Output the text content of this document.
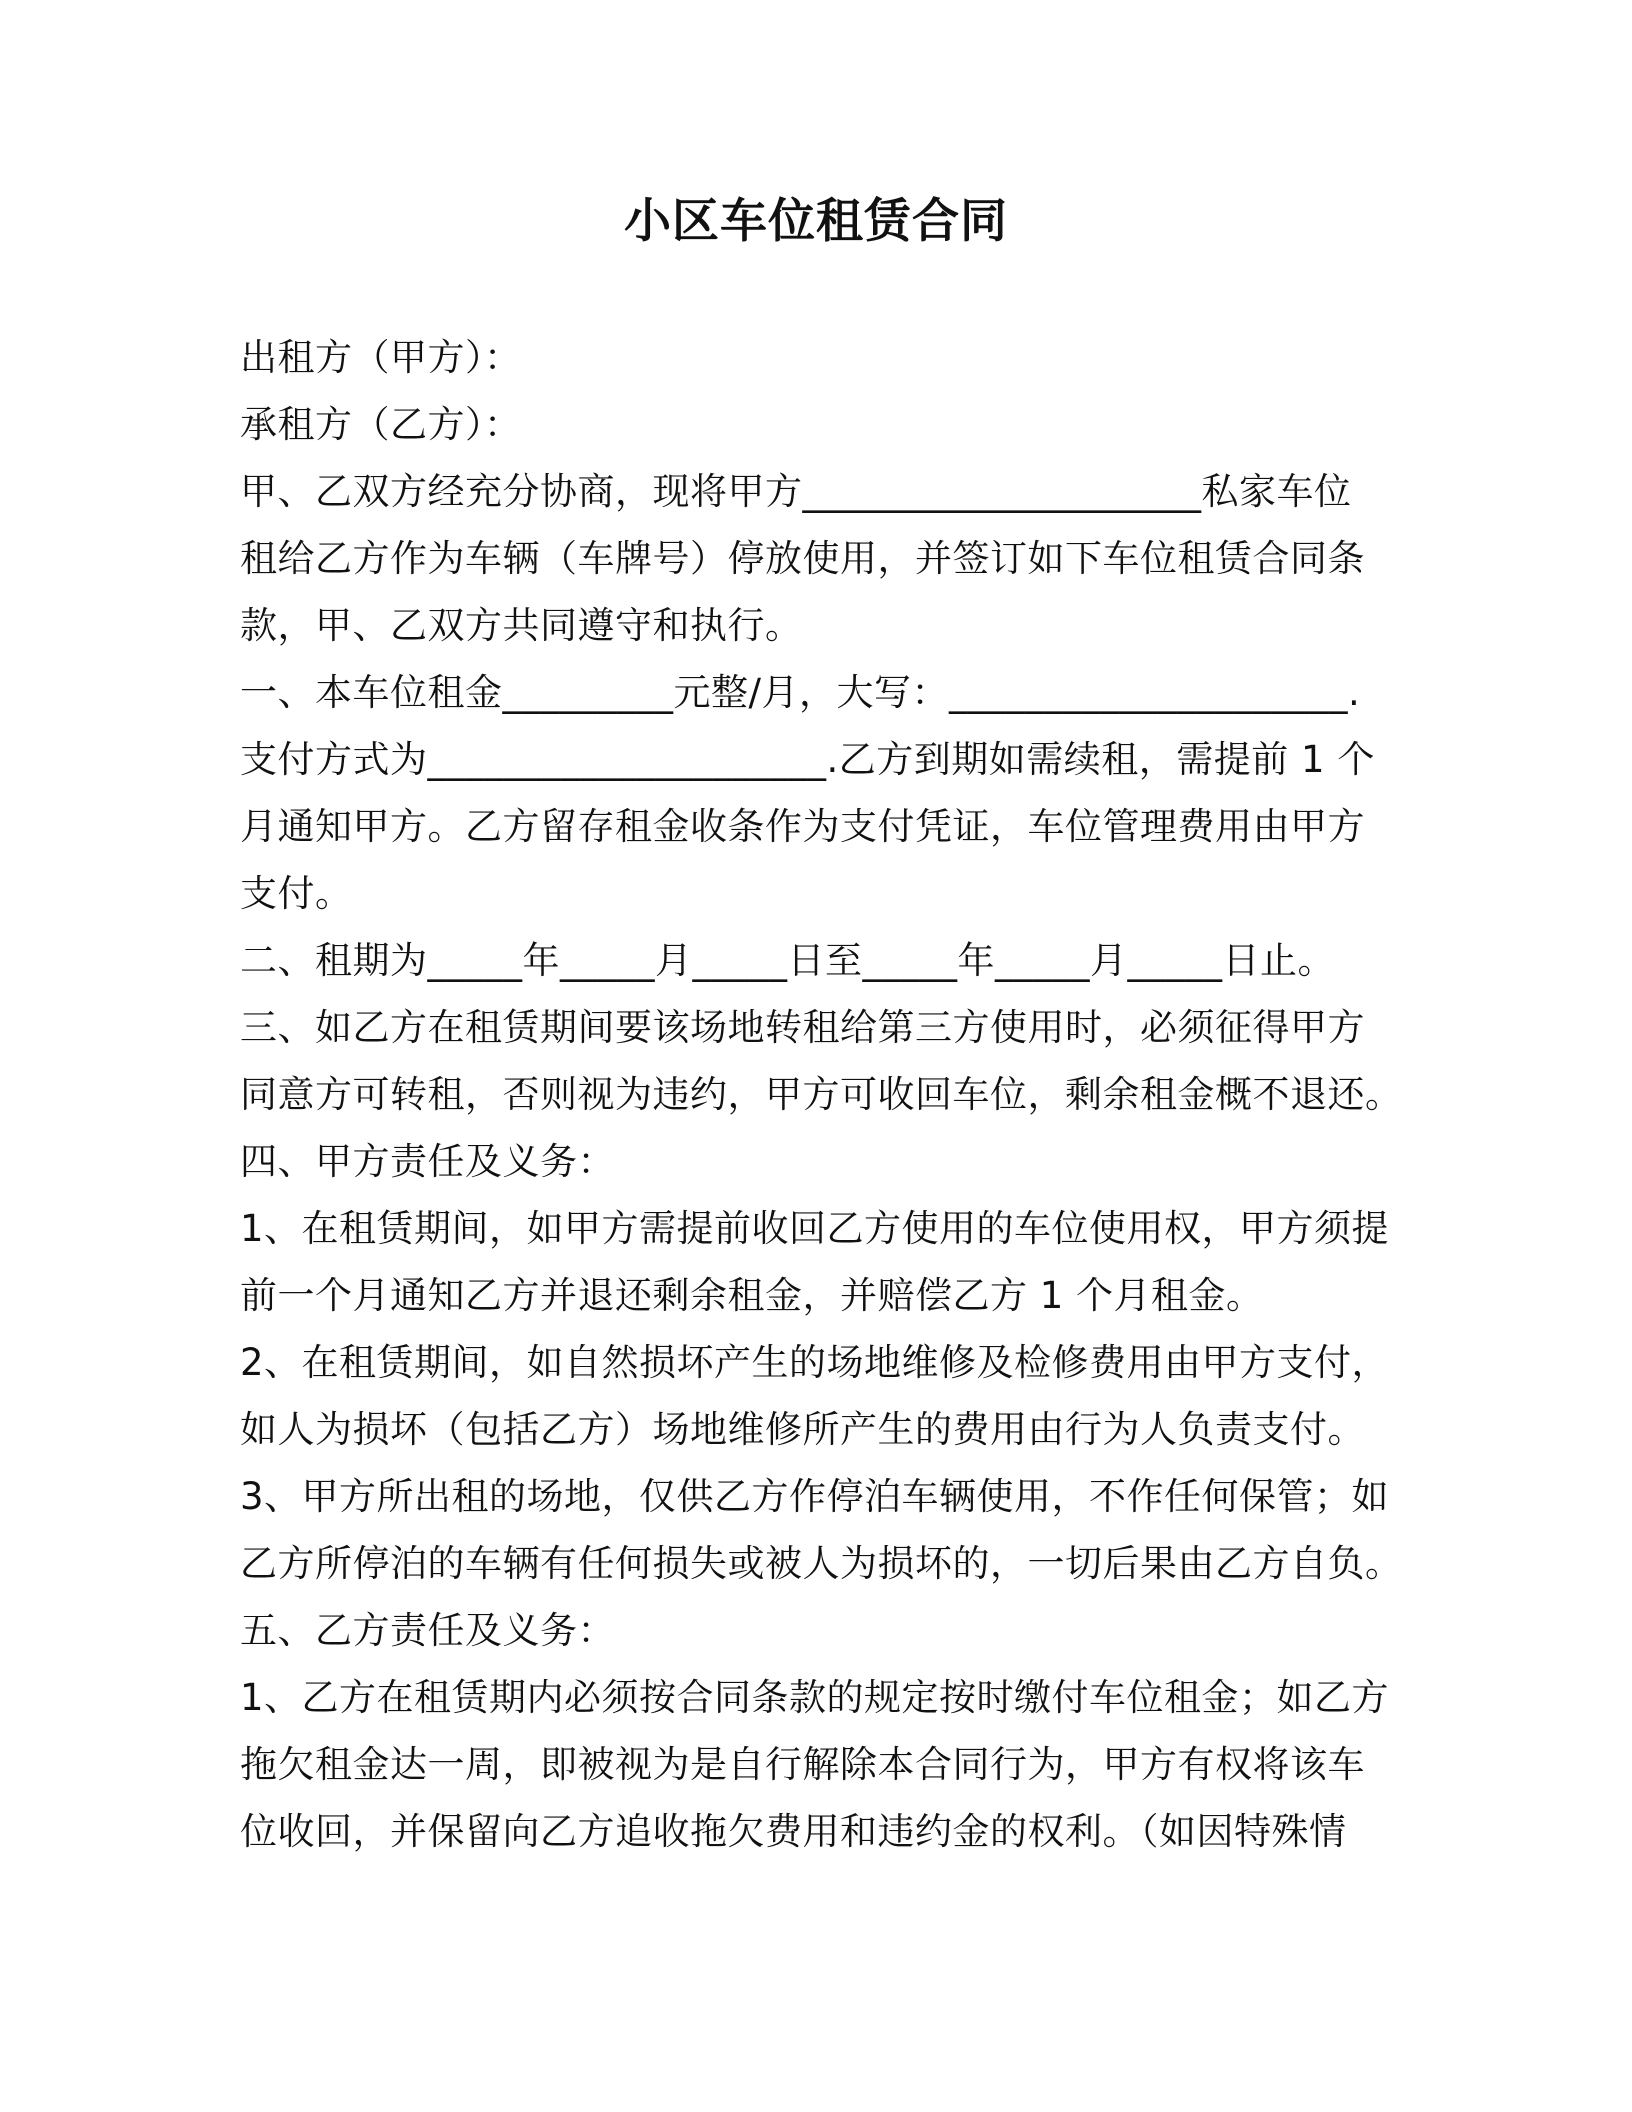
小区车位租赁合同
出租方（甲方）：
承租方（乙方）：
甲、乙双方经充分协商，现将甲方_____________________私家车位
租给乙方作为车辆（车牌号）停放使用，并签订如下车位租赁合同条
款，甲、乙双方共同遵守和执行。
一、本车位租金_________元整/月，大写：_____________________.
支付方式为_____________________.乙方到期如需续租，需提前 1 个
月通知甲方。乙方留存租金收条作为支付凭证，车位管理费用由甲方
支付。
二、租期为_____年_____月_____日至_____年_____月_____日止。
三、如乙方在租赁期间要该场地转租给第三方使用时，必须征得甲方
同意方可转租，否则视为违约，甲方可收回车位，剩余租金概不退还。
四、甲方责任及义务：
1、在租赁期间，如甲方需提前收回乙方使用的车位使用权，甲方须提
前一个月通知乙方并退还剩余租金，并赔偿乙方 1 个月租金。
2、在租赁期间，如自然损坏产生的场地维修及检修费用由甲方支付，
如人为损坏（包括乙方）场地维修所产生的费用由行为人负责支付。
3、甲方所出租的场地，仅供乙方作停泊车辆使用，不作任何保管；如
乙方所停泊的车辆有任何损失或被人为损坏的，一切后果由乙方自负。
五、乙方责任及义务：
1、乙方在租赁期内必须按合同条款的规定按时缴付车位租金；如乙方
拖欠租金达一周，即被视为是自行解除本合同行为，甲方有权将该车
位收回，并保留向乙方追收拖欠费用和违约金的权利。（如因特殊情
